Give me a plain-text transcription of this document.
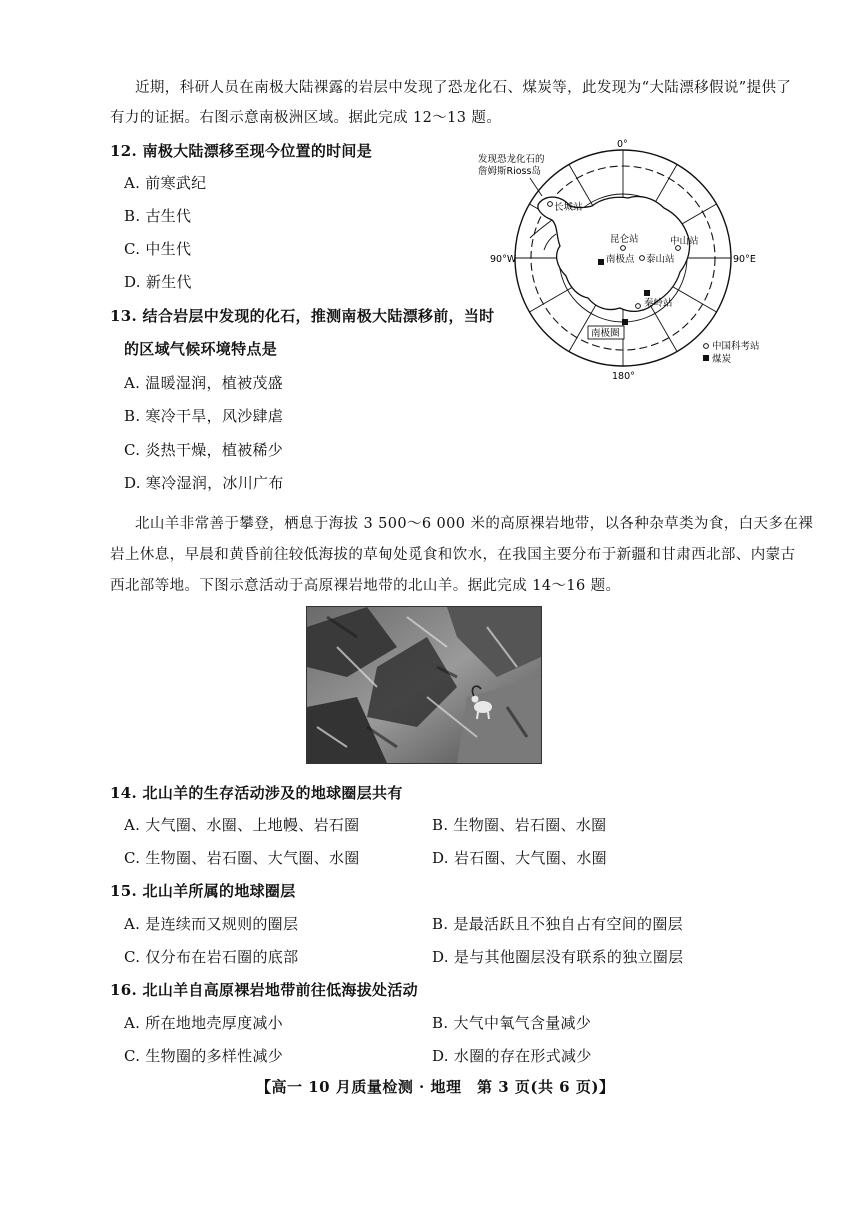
近期，科研人员在南极大陆裸露的岩层中发现了恐龙化石、煤炭等，此发现为“大陆漂移假说”提供了
有力的证据。右图示意南极洲区域。据此完成 12～13 题。
12. 南极大陆漂移至现今位置的时间是
A. 前寒武纪
B. 古生代
C. 中生代
D. 新生代
13. 结合岩层中发现的化石，推测南极大陆漂移前，当时
的区域气候环境特点是
A. 温暖湿润，植被茂盛
B. 寒冷干旱，风沙肆虐
C. 炎热干燥，植被稀少
D. 寒冷湿润，冰川广布
0°
180°
90°W	90°E
发现恐龙化石的
詹姆斯Rioss岛
长城站
昆仑站	中山站
南极点 泰山站
秦岭站
南极圈
中国科考站
煤炭
北山羊非常善于攀登，栖息于海拔 3 500～6 000 米的高原裸岩地带，以各种杂草类为食，白天多在裸
岩上休息，早晨和黄昏前往较低海拔的草甸处觅食和饮水，在我国主要分布于新疆和甘肃西北部、内蒙古
西北部等地。下图示意活动于高原裸岩地带的北山羊。据此完成 14～16 题。
14. 北山羊的生存活动涉及的地球圈层共有
A. 大气圈、水圈、上地幔、岩石圈	B. 生物圈、岩石圈、水圈
C. 生物圈、岩石圈、大气圈、水圈	D. 岩石圈、大气圈、水圈
15. 北山羊所属的地球圈层
A. 是连续而又规则的圈层	B. 是最活跃且不独自占有空间的圈层
C. 仅分布在岩石圈的底部	D. 是与其他圈层没有联系的独立圈层
16. 北山羊自高原裸岩地带前往低海拔处活动
A. 所在地地壳厚度减小	B. 大气中氧气含量减少
C. 生物圈的多样性减少	D. 水圈的存在形式减少
【高一 10 月质量检测 · 地理　第 3 页(共 6 页)】
